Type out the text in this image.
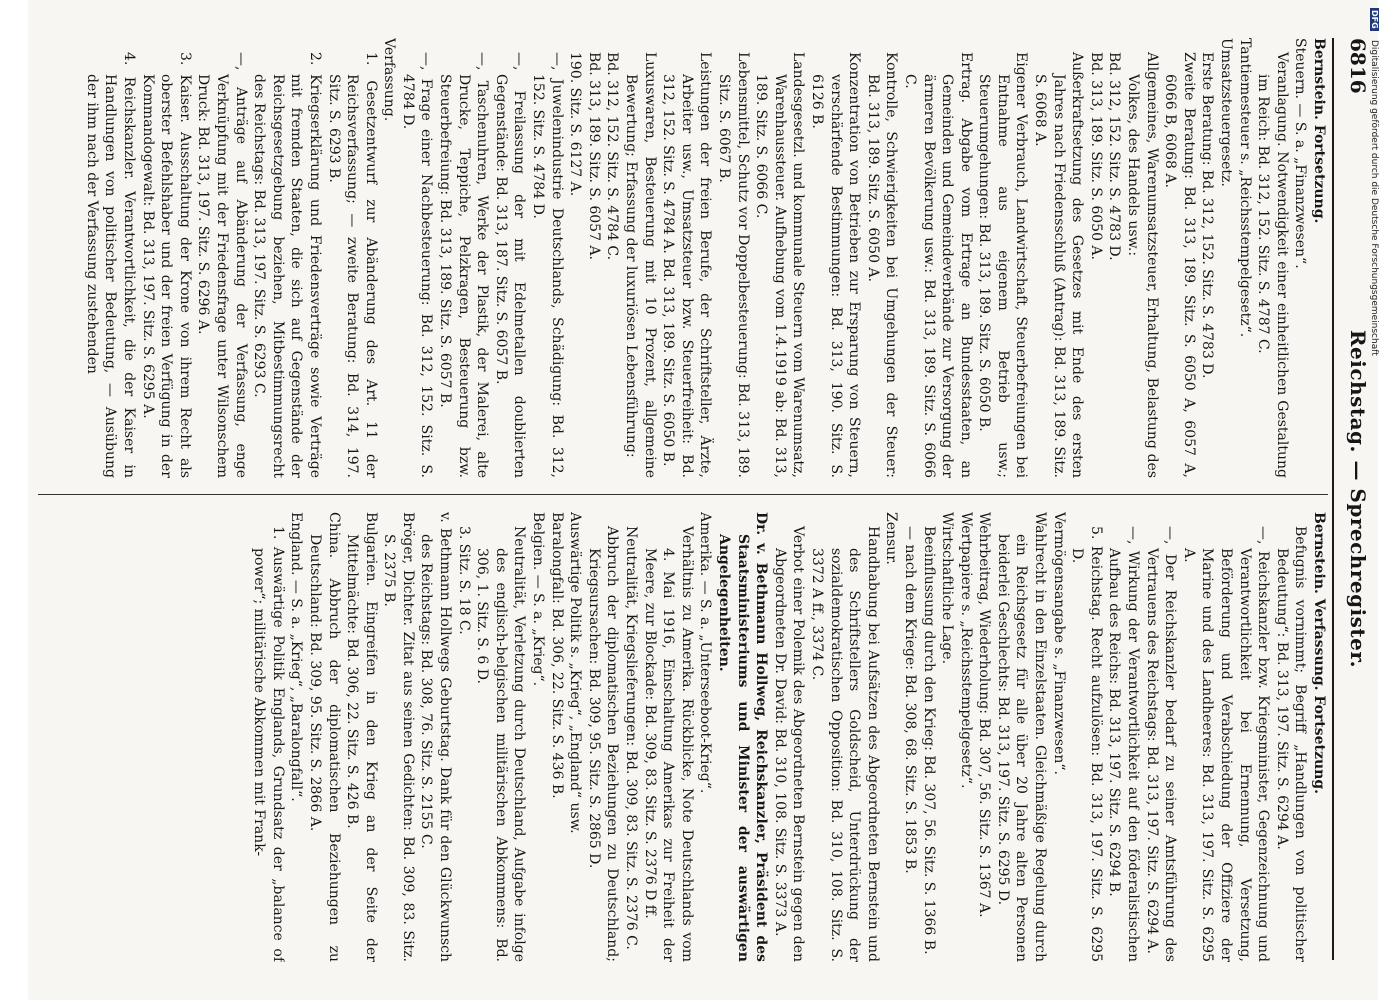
6816
Reichstag. — Sprechregister.

Bernstein. Fortsetzung.

Steuern. — S. a. „Finanzwesen“.

Veranlagung. Notwendigkeit einer einheitlichen Gestaltung im Reich: Bd. 312, 152. Sitz. S. 4787 C.

Tantiemesteuer s. „Reichsstempelgesetz“.

Umsatzsteuergesetz.

Erste Beratung: Bd. 312, 152. Sitz. S. 4783 D.

Zweite Beratung: Bd. 313, 189. Sitz. S. 6050 A, 6057 A, 6066 B, 6068 A.

Allgemeines, Warenumsatzsteuer, Erhaltung, Belastung des Volkes, des Handels usw.:

Bd. 312, 152. Sitz. S. 4783 D.

Bd. 313, 189. Sitz. S. 6050 A.

Außerkraftsetzung des Gesetzes mit Ende des ersten Jahres nach Friedensschluß (Antrag): Bd. 313, 189. Sitz. S. 6068 A.

Eigener Verbrauch, Landwirtschaft, Steuerbefreiungen bei Entnahme aus eigenem Betrieb usw.; Steuerumgehungen: Bd. 313, 189. Sitz. S. 6050 B.

Ertrag. Abgabe vom Ertrage an Bundesstaaten, an Gemeinden und Gemeindeverbände zur Versorgung der ärmeren Bevölkerung usw.: Bd. 313, 189. Sitz. S. 6066 C.

Kontrolle, Schwierigkeiten bei Umgehungen der Steuer: Bd. 313, 189. Sitz. S. 6050 A.

Konzentration von Betrieben zur Ersparung von Steuern, verschärfende Bestimmungen: Bd. 313, 190. Sitz. S. 6126 B.

Landesgesetzl. und kommunale Steuern vom Warenumsatz, Warenhaussteuer. Aufhebung vom 1.4.1919 ab: Bd. 313, 189. Sitz. S. 6066 C.

Lebensmittel, Schutz vor Doppelbesteuerung: Bd. 313, 189. Sitz. S. 6067 B.

Leistungen der freien Berufe, der Schriftsteller, Ärzte, Arbeiter usw., Umsatzsteuer bzw. Steuerfreiheit: Bd. 312, 152. Sitz. S. 4784 A. Bd. 313, 189. Sitz. S. 6050 B.

Luxuswaren, Besteuerung mit 10 Prozent, allgemeine Bewertung; Erfassung der luxuriösen Lebensführung:

Bd. 312, 152. Sitz. S. 4784 C.

Bd. 313, 189. Sitz. S. 6057 A.

190. Sitz. S. 6127 A.

—, Juwelenindustrie Deutschlands, Schädigung: Bd. 312, 152. Sitz. S. 4784 D.

—, Freilassung der mit Edelmetallen doublierten Gegenstände: Bd. 313, 187. Sitz. S. 6057 B.

—, Taschenuhren, Werke der Plastik, der Malerei, alte Drucke, Teppiche, Pelzkragen, Besteuerung bzw. Steuerbefreiung: Bd. 313, 189. Sitz. S. 6057 B.

—, Frage einer Nachbesteuerung: Bd. 312, 152. Sitz. S. 4784 D.

Verfassung.

1. Gesetzentwurf zur Abänderung des Art. 11 der Reichsverfassung; — zweite Beratung: Bd. 314, 197. Sitz. S. 6293 B.

2. Kriegserklärung und Friedensverträge sowie Verträge mit fremden Staaten, die sich auf Gegenstände der Reichsgesetzgebung beziehen, Mitbestimmungsrecht des Reichstags: Bd. 313, 197. Sitz. S. 6293 C.

—, Anträge auf Abänderung der Verfassung, enge Verknüpfung mit der Friedensfrage unter Wilsonschem Druck: Bd. 313, 197. Sitz. S. 6296 A.

3. Kaiser. Ausschaltung der Krone von ihrem Recht als oberster Befehlshaber und der freien Verfügung in der Kommandogewalt: Bd. 313, 197. Sitz. S. 6295 A.

4. Reichskanzler. Verantwortlichkeit, die der Kaiser in Handlungen von politischer Bedeutung, — Ausübung der ihm nach der Verfassung zustehenden

Bernstein. Verfassung. Fortsetzung.

Befugnis vornimmt; Begriff „Handlungen von politischer Bedeutung“: Bd. 313, 197. Sitz. S. 6294 A.

—, Reichskanzler bzw. Kriegsminister, Gegenzeichnung und Verantwortlichkeit bei Ernennung, Versetzung, Beförderung und Verabschiedung der Offiziere der Marine und des Landheeres: Bd. 313, 197. Sitz. S. 6295 A.

—, Der Reichskanzler bedarf zu seiner Amtsführung des Vertrauens des Reichstags: Bd. 313, 197. Sitz. S. 6294 A.

—, Wirkung der Verantwortlichkeit auf den föderalistischen Aufbau des Reichs: Bd. 313, 197. Sitz. S. 6294 B.

5. Reichstag. Recht aufzulösen: Bd. 313, 197. Sitz. S. 6295 D.

Vermögensangabe s. „Finanzwesen“.

Wahlrecht in den Einzelstaaten. Gleichmäßige Regelung durch ein Reichsgesetz für alle über 20 Jahre alten Personen beiderlei Geschlechts: Bd. 313, 197. Sitz. S. 6295 D.

Wehrbeitrag, Wiederholung: Bd. 307, 56. Sitz. S. 1367 A.

Wertpapiere s. „Reichsstempelgesetz“.

Wirtschaftliche Lage.

Beeinflussung durch den Krieg: Bd. 307, 56. Sitz. S. 1366 B.

— nach dem Kriege: Bd. 308, 68. Sitz. S. 1853 B.

Zensur.

Handhabung bei Aufsätzen des Abgeordneten Bernstein und des Schriftstellers Goldscheid, Unterdrückung der sozialdemokratischen Opposition: Bd. 310, 108. Sitz. S. 3372 A ff., 3374 C.

Verbot einer Polemik des Abgeordneten Bernstein gegen den Abgeordneten Dr. David: Bd. 310, 108. Sitz. S. 3373 A.

Dr. v. Bethmann Hollweg, Reichskanzler, Präsident des Staatsministeriums und Minister der auswärtigen Angelegenheiten.

Amerika. — S. a. „Unterseeboot-Krieg“.

Verhältnis zu Amerika. Rückblicke, Note Deutschlands vom 4. Mai 1916, Einschaltung Amerikas zur Freiheit der Meere, zur Blockade: Bd. 309, 83. Sitz. S. 2376 D ff.

Neutralität, Kriegslieferungen: Bd. 309, 83. Sitz. S. 2376 C.

Abbruch der diplomatischen Beziehungen zu Deutschland; Kriegsursachen: Bd. 309, 95. Sitz. S. 2865 D.

Auswärtige Politik s. „Krieg“, „England“ usw.

Baralongfall: Bd. 306, 22. Sitz. S. 436 B.

Belgien. — S. a. „Krieg“.

Neutralität, Verletzung durch Deutschland, Aufgabe infolge des englisch-belgischen militärischen Abkommens: Bd. 306, 1. Sitz. S. 6 D.

3. Sitz. S. 18 C.

v. Bethmann Hollwegs Geburtstag. Dank für den Glückwunsch des Reichstags: Bd. 308, 76. Sitz. S. 2155 C.

Bröger, Dichter. Zitat aus seinen Gedichten: Bd. 309, 83. Sitz. S. 2375 B.

Bulgarien. Eingreifen in den Krieg an der Seite der Mittelmächte: Bd. 306, 22. Sitz. S. 426 B.

China. Abbruch der diplomatischen Beziehungen zu Deutschland: Bd. 309, 95. Sitz. S. 2866 A.

England. — S. a. „Krieg“, „Baralongfall“.

1. Auswärtige Politik Englands, Grundsatz der „balance of power“; militärische Abkommen mit Frank-

DFG Digitalisierung gefördert durch die Deutsche Forschungsgemeinschaft
